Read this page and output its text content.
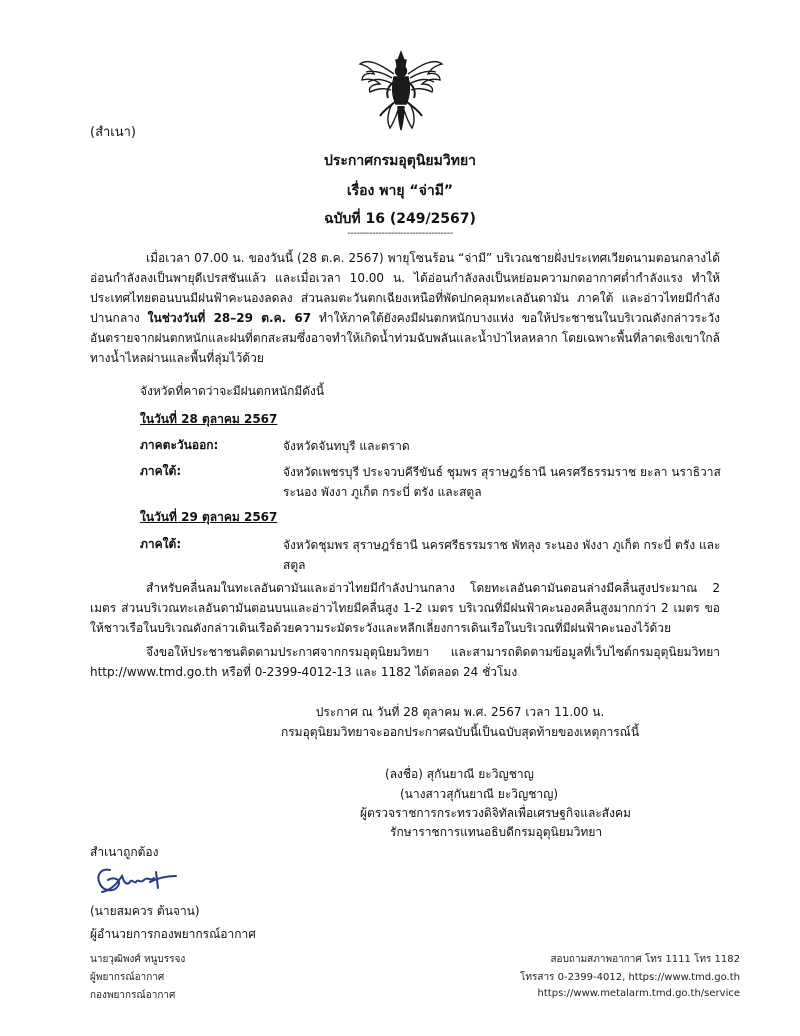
(สำเนา)
ประกาศกรมอุตุนิยมวิทยา
เรื่อง พายุ “จ่ามี”
ฉบับที่ 16 (249/2567)
----------------------------------
เมื่อเวลา 07.00 น. ของวันนี้ (28 ต.ค. 2567) พายุโซนร้อน “จ่ามี” บริเวณชายฝั่งประเทศเวียดนามตอนกลางได้อ่อนกำลังลงเป็นพายุดีเปรสชันแล้ว และเมื่อเวลา 10.00 น. ได้อ่อนกำลังลงเป็นหย่อมความกดอากาศต่ำกำลังแรง ทำให้ประเทศไทยตอนบนมีฝนฟ้าคะนองลดลง ส่วนลมตะวันตกเฉียงเหนือที่พัดปกคลุมทะเลอันดามัน ภาคใต้ และอ่าวไทยมีกำลังปานกลาง ในช่วงวันที่ 28–29 ต.ค. 67 ทำให้ภาคใต้ยังคงมีฝนตกหนักบางแห่ง ขอให้ประชาชนในบริเวณดังกล่าวระวังอันตรายจากฝนตกหนักและฝนที่ตกสะสมซึ่งอาจทำให้เกิดน้ำท่วมฉับพลันและน้ำป่าไหลหลาก โดยเฉพาะพื้นที่ลาดเชิงเขาใกล้ทางน้ำไหลผ่านและพื้นที่ลุ่มไว้ด้วย
จังหวัดที่คาดว่าจะมีฝนตกหนักมีดังนี้
ในวันที่ 28 ตุลาคม 2567
ภาคตะวันออก:	จังหวัดจันทบุรี และตราด
ภาคใต้:	จังหวัดเพชรบุรี ประจวบคีรีขันธ์ ชุมพร สุราษฎร์ธานี นครศรีธรรมราช ยะลา นราธิวาส ระนอง พังงา ภูเก็ต กระบี่ ตรัง และสตูล
ในวันที่ 29 ตุลาคม 2567
ภาคใต้:	จังหวัดชุมพร สุราษฎร์ธานี นครศรีธรรมราช พัทลุง ระนอง พังงา ภูเก็ต กระบี่ ตรัง และสตูล
สำหรับคลื่นลมในทะเลอันดามันและอ่าวไทยมีกำลังปานกลาง โดยทะเลอันดามันตอนล่างมีคลื่นสูงประมาณ 2 เมตร ส่วนบริเวณทะเลอันดามันตอนบนและอ่าวไทยมีคลื่นสูง 1-2 เมตร บริเวณที่มีฝนฟ้าคะนองคลื่นสูงมากกว่า 2 เมตร ขอให้ชาวเรือในบริเวณดังกล่าวเดินเรือด้วยความระมัดระวังและหลีกเลี่ยงการเดินเรือในบริเวณที่มีฝนฟ้าคะนองไว้ด้วย
จึงขอให้ประชาชนติดตามประกาศจากกรมอุตุนิยมวิทยา และสามารถติดตามข้อมูลที่เว็บไซต์กรมอุตุนิยมวิทยา http://www.tmd.go.th หรือที่ 0-2399-4012-13 และ 1182 ได้ตลอด 24 ชั่วโมง
ประกาศ ณ วันที่ 28 ตุลาคม พ.ศ. 2567 เวลา 11.00 น.
กรมอุตุนิยมวิทยาจะออกประกาศฉบับนี้เป็นฉบับสุดท้ายของเหตุการณ์นี้
(ลงชื่อ) สุกันยาณี ยะวิญชาญ
(นางสาวสุกันยาณี ยะวิญชาญ)
ผู้ตรวจราชการกระทรวงดิจิทัลเพื่อเศรษฐกิจและสังคม
รักษาราชการแทนอธิบดีกรมอุตุนิยมวิทยา
สำเนาถูกต้อง
(นายสมควร ต้นจาน)
ผู้อำนวยการกองพยากรณ์อากาศ
นายวุฒิพงศ์ หนูบรรจง
ผู้พยากรณ์อากาศ
กองพยากรณ์อากาศ
สอบถามสภาพอากาศ โทร 1111 โทร 1182
โทรสาร 0-2399-4012, https://www.tmd.go.th
https://www.metalarm.tmd.go.th/service
